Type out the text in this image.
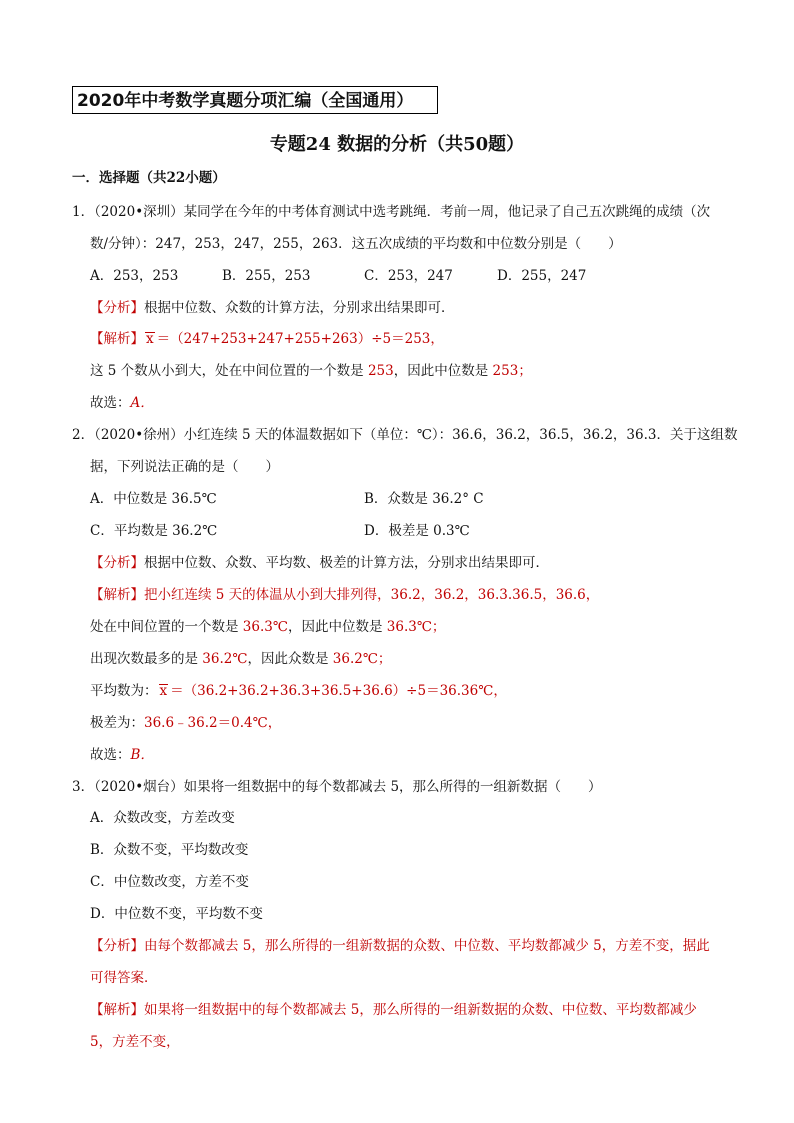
2020年中考数学真题分项汇编（全国通用）
专题24 数据的分析（共50题）
一．选择题（共22小题）
1．（2020•深圳）某同学在今年的中考体育测试中选考跳绳．考前一周，他记录了自己五次跳绳的成绩（次
数/分钟）：247，253，247，255，263．这五次成绩的平均数和中位数分别是（　　）
A．253，253	B．255，253	C．253，247	D．255，247
【分析】根据中位数、众数的计算方法，分别求出结果即可．
【解析】 x ＝（247+253+247+255+263）÷5＝253，
这 5 个数从小到大，处在中间位置的一个数是 253，因此中位数是 253；
故选：A．
2．（2020•徐州）小红连续 5 天的体温数据如下（单位：℃）：36.6，36.2，36.5，36.2，36.3．关于这组数
据，下列说法正确的是（　　）
A．中位数是 36.5℃	B．众数是 36.2° C
C．平均数是 36.2℃	D．极差是 0.3℃
【分析】根据中位数、众数、平均数、极差的计算方法，分别求出结果即可．
【解析】把小红连续 5 天的体温从小到大排列得，36.2，36.2，36.3.36.5，36.6，
处在中间位置的一个数是 36.3℃，因此中位数是 36.3℃；
出现次数最多的是 36.2℃，因此众数是 36.2℃；
平均数为： x ＝（36.2+36.2+36.3+36.5+36.6）÷5＝36.36℃，
极差为：36.6﹣36.2＝0.4℃，
故选：B．
3．（2020•烟台）如果将一组数据中的每个数都减去 5，那么所得的一组新数据（　　）
A．众数改变，方差改变
B．众数不变，平均数改变
C．中位数改变，方差不变
D．中位数不变，平均数不变
【分析】由每个数都减去 5，那么所得的一组新数据的众数、中位数、平均数都减少 5，方差不变，据此
可得答案．
【解析】如果将一组数据中的每个数都减去 5，那么所得的一组新数据的众数、中位数、平均数都减少
5，方差不变，
